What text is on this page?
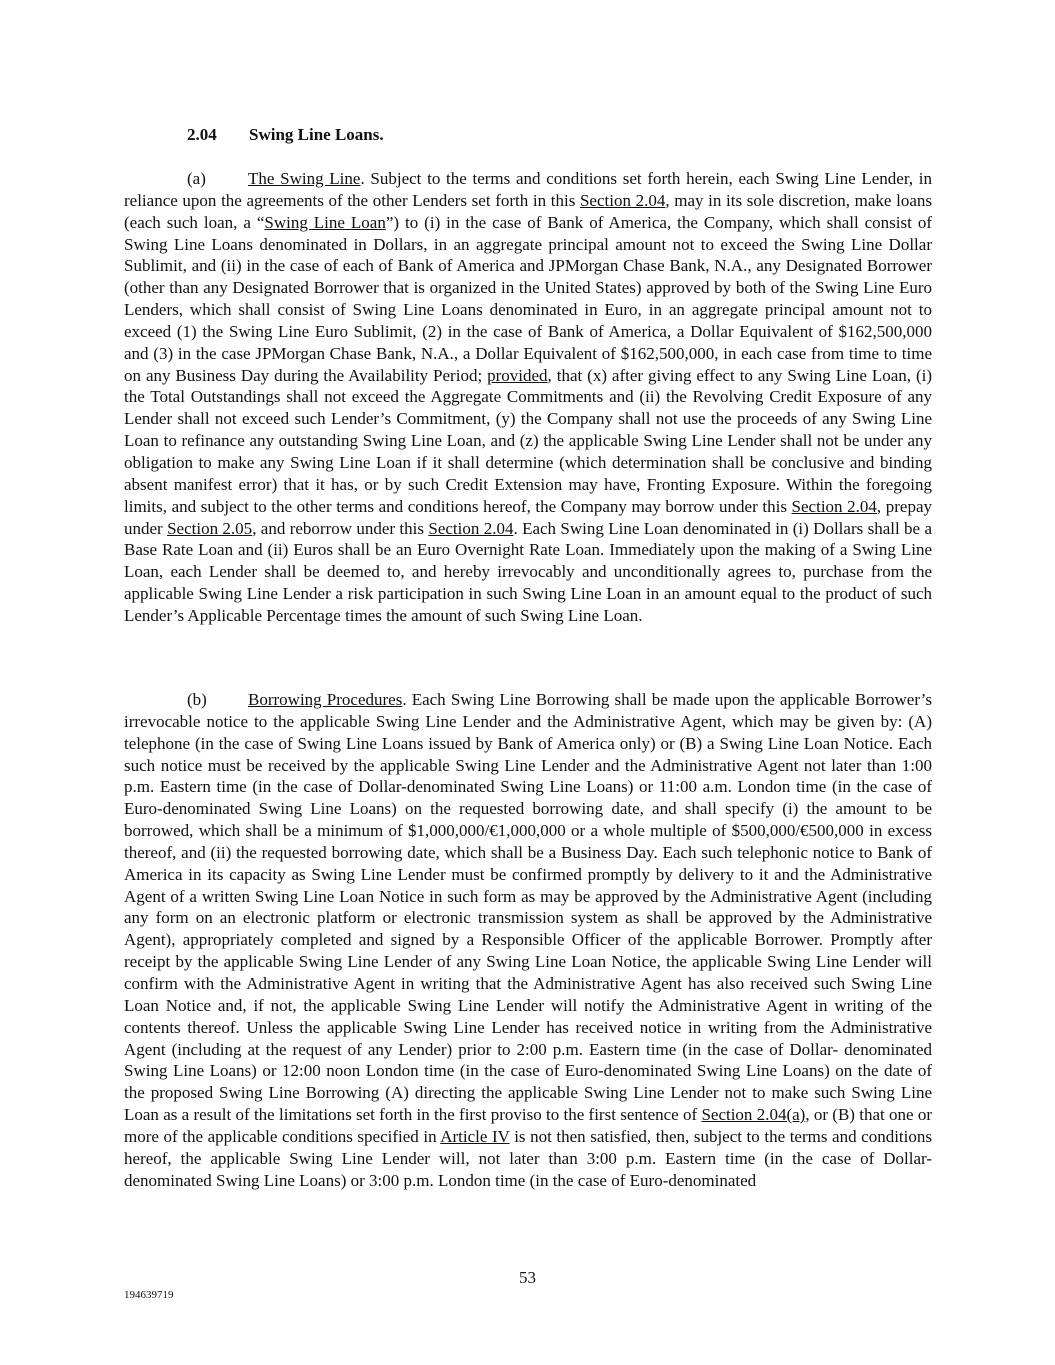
2.04 Swing Line Loans.

(a) The Swing Line. Subject to the terms and conditions set forth herein, each Swing Line Lender, in reliance upon the agreements of the other Lenders set forth in this Section 2.04, may in its sole discretion, make loans (each such loan, a “Swing Line Loan”) to (i) in the case of Bank of America, the Company, which shall consist of Swing Line Loans denominated in Dollars, in an aggregate principal amount not to exceed the Swing Line Dollar Sublimit, and (ii) in the case of each of Bank of America and JPMorgan Chase Bank, N.A., any Designated Borrower (other than any Designated Borrower that is organized in the United States) approved by both of the Swing Line Euro Lenders, which shall consist of Swing Line Loans denominated in Euro, in an aggregate principal amount not to exceed (1) the Swing Line Euro Sublimit, (2) in the case of Bank of America, a Dollar Equivalent of $162,500,000 and (3) in the case JPMorgan Chase Bank, N.A., a Dollar Equivalent of $162,500,000, in each case from time to time on any Business Day during the Availability Period; provided, that (x) after giving effect to any Swing Line Loan, (i) the Total Outstandings shall not exceed the Aggregate Commitments and (ii) the Revolving Credit Exposure of any Lender shall not exceed such Lender’s Commitment, (y) the Company shall not use the proceeds of any Swing Line Loan to refinance any outstanding Swing Line Loan, and (z) the applicable Swing Line Lender shall not be under any obligation to make any Swing Line Loan if it shall determine (which determination shall be conclusive and binding absent manifest error) that it has, or by such Credit Extension may have, Fronting Exposure. Within the foregoing limits, and subject to the other terms and conditions hereof, the Company may borrow under this Section 2.04, prepay under Section 2.05, and reborrow under this Section 2.04. Each Swing Line Loan denominated in (i) Dollars shall be a Base Rate Loan and (ii) Euros shall be an Euro Overnight Rate Loan. Immediately upon the making of a Swing Line Loan, each Lender shall be deemed to, and hereby irrevocably and unconditionally agrees to, purchase from the applicable Swing Line Lender a risk participation in such Swing Line Loan in an amount equal to the product of such Lender’s Applicable Percentage times the amount of such Swing Line Loan.

(b) Borrowing Procedures. Each Swing Line Borrowing shall be made upon the applicable Borrower’s irrevocable notice to the applicable Swing Line Lender and the Administrative Agent, which may be given by: (A) telephone (in the case of Swing Line Loans issued by Bank of America only) or (B) a Swing Line Loan Notice. Each such notice must be received by the applicable Swing Line Lender and the Administrative Agent not later than 1:00 p.m. Eastern time (in the case of Dollar-denominated Swing Line Loans) or 11:00 a.m. London time (in the case of Euro-denominated Swing Line Loans) on the requested borrowing date, and shall specify (i) the amount to be borrowed, which shall be a minimum of $1,000,000/€1,000,000 or a whole multiple of $500,000/€500,000 in excess thereof, and (ii) the requested borrowing date, which shall be a Business Day. Each such telephonic notice to Bank of America in its capacity as Swing Line Lender must be confirmed promptly by delivery to it and the Administrative Agent of a written Swing Line Loan Notice in such form as may be approved by the Administrative Agent (including any form on an electronic platform or electronic transmission system as shall be approved by the Administrative Agent), appropriately completed and signed by a Responsible Officer of the applicable Borrower. Promptly after receipt by the applicable Swing Line Lender of any Swing Line Loan Notice, the applicable Swing Line Lender will confirm with the Administrative Agent in writing that the Administrative Agent has also received such Swing Line Loan Notice and, if not, the applicable Swing Line Lender will notify the Administrative Agent in writing of the contents thereof. Unless the applicable Swing Line Lender has received notice in writing from the Administrative Agent (including at the request of any Lender) prior to 2:00 p.m. Eastern time (in the case of Dollar- denominated Swing Line Loans) or 12:00 noon London time (in the case of Euro-denominated Swing Line Loans) on the date of the proposed Swing Line Borrowing (A) directing the applicable Swing Line Lender not to make such Swing Line Loan as a result of the limitations set forth in the first proviso to the first sentence of Section 2.04(a), or (B) that one or more of the applicable conditions specified in Article IV is not then satisfied, then, subject to the terms and conditions hereof, the applicable Swing Line Lender will, not later than 3:00 p.m. Eastern time (in the case of Dollar-denominated Swing Line Loans) or 3:00 p.m. London time (in the case of Euro-denominated

53
194639719
